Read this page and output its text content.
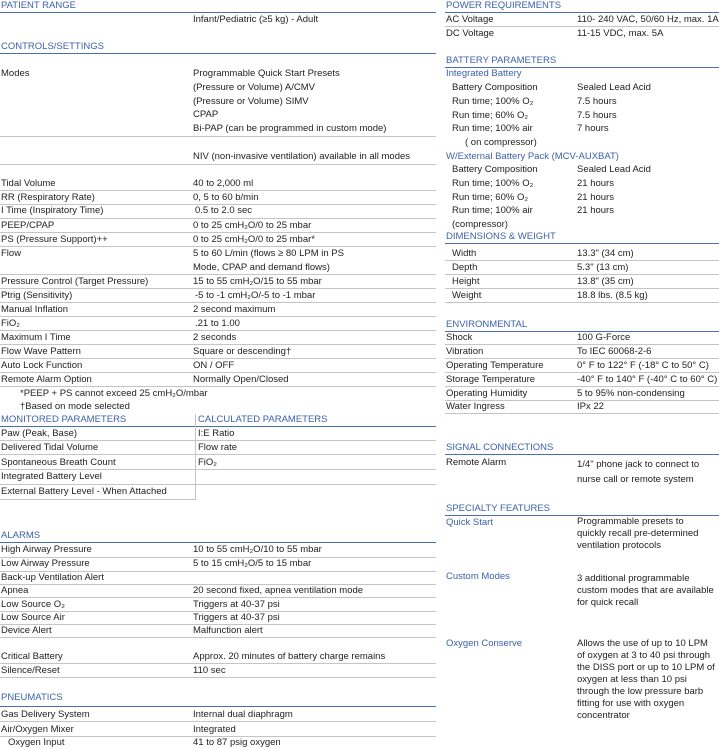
PATIENT RANGE
Infant/Pediatric (≥5 kg) - Adult
CONTROLS/SETTINGS
Modes	Programmable Quick Start Presets
(Pressure or Volume) A/CMV
(Pressure or Volume) SIMV
CPAP
Bi-PAP (can be programmed in custom mode)
NIV (non-invasive ventilation) available in all modes
Tidal Volume	40 to 2,000 ml
RR (Respiratory Rate)	0, 5 to 60 b/min
I Time (Inspiratory Time)	0.5 to 2.0 sec
PEEP/CPAP	0 to 25 cmH₂O/0 to 25 mbar
PS (Pressure Support)++	0 to 25 cmH₂O/0 to 25 mbar*
Flow	5 to 60 L/min (flows ≥ 80 LPM in PS
Mode, CPAP and demand flows)
Pressure Control (Target Pressure)	15 to 55 cmH₂O/15 to 55 mbar
Ptrig (Sensitivity)	-5 to -1 cmH₂O/-5 to -1 mbar
Manual Inflation	2 second maximum
FiO₂	.21 to 1.00
Maximum I Time	2 seconds
Flow Wave Pattern	Square or descending†
Auto Lock Function	ON / OFF
Remote Alarm Option	Normally Open/Closed
*PEEP + PS cannot exceed 25 cmH₂O/mbar
†Based on mode selected
MONITORED PARAMETERS	CALCULATED PARAMETERS
Paw (Peak, Base)	I:E Ratio
Delivered Tidal Volume	Flow rate
Spontaneous Breath Count	FiO₂
Integrated Battery Level
External Battery Level - When Attached
ALARMS
High Airway Pressure	10 to 55 cmH₂O/10 to 55 mbar
Low Airway Pressure	5 to 15 cmH₂O/5 to 15 mbar
Back-up Ventilation Alert
Apnea	20 second fixed, apnea ventilation mode
Low Source O₂	Triggers at 40-37 psi
Low Source Air	Triggers at 40-37 psi
Device Alert	Malfunction alert
Critical Battery	Approx. 20 minutes of battery charge remains
Silence/Reset	110 sec
PNEUMATICS
Gas Delivery System	Internal dual diaphragm
Air/Oxygen Mixer	Integrated
Oxygen Input	41 to 87 psig oxygen
POWER REQUIREMENTS
AC Voltage	110- 240 VAC, 50/60 Hz, max. 1A
DC Voltage	11-15 VDC, max. 5A
BATTERY PARAMETERS
Integrated Battery
Battery Composition	Sealed Lead Acid
Run time; 100% O₂	7.5 hours
Run time; 60% O₂	7.5 hours
Run time; 100% air	7 hours
( on compressor)
W/External Battery Pack (MCV-AUXBAT)
Battery Composition	Sealed Lead Acid
Run time; 100% O₂	21 hours
Run time; 60% O₂	21 hours
Run time; 100% air	21 hours
(compressor)
DIMENSIONS & WEIGHT
Width	13.3" (34 cm)
Depth	5.3" (13 cm)
Height	13.8" (35 cm)
Weight	18.8 lbs. (8.5 kg)
ENVIRONMENTAL
Shock	100 G-Force
Vibration	To IEC 60068-2-6
Operating Temperature	0° F to 122° F (-18° C to 50° C)
Storage Temperature	-40° F to 140° F (-40° C to 60° C)
Operating Humidity	5 to 95% non-condensing
Water Ingress	IPx 22
SIGNAL CONNECTIONS
Remote Alarm	1/4" phone jack to connect to nurse call or remote system
SPECIALTY FEATURES
Quick Start	Programmable presets to quickly recall pre-determined ventilation protocols
Custom Modes	3 additional programmable custom modes that are available for quick recall
Oxygen Conserve	Allows the use of up to 10 LPM of oxygen at 3 to 40 psi through the DISS port or up to 10 LPM of oxygen at less than 10 psi through the low pressure barb fitting for use with oxygen concentrator
